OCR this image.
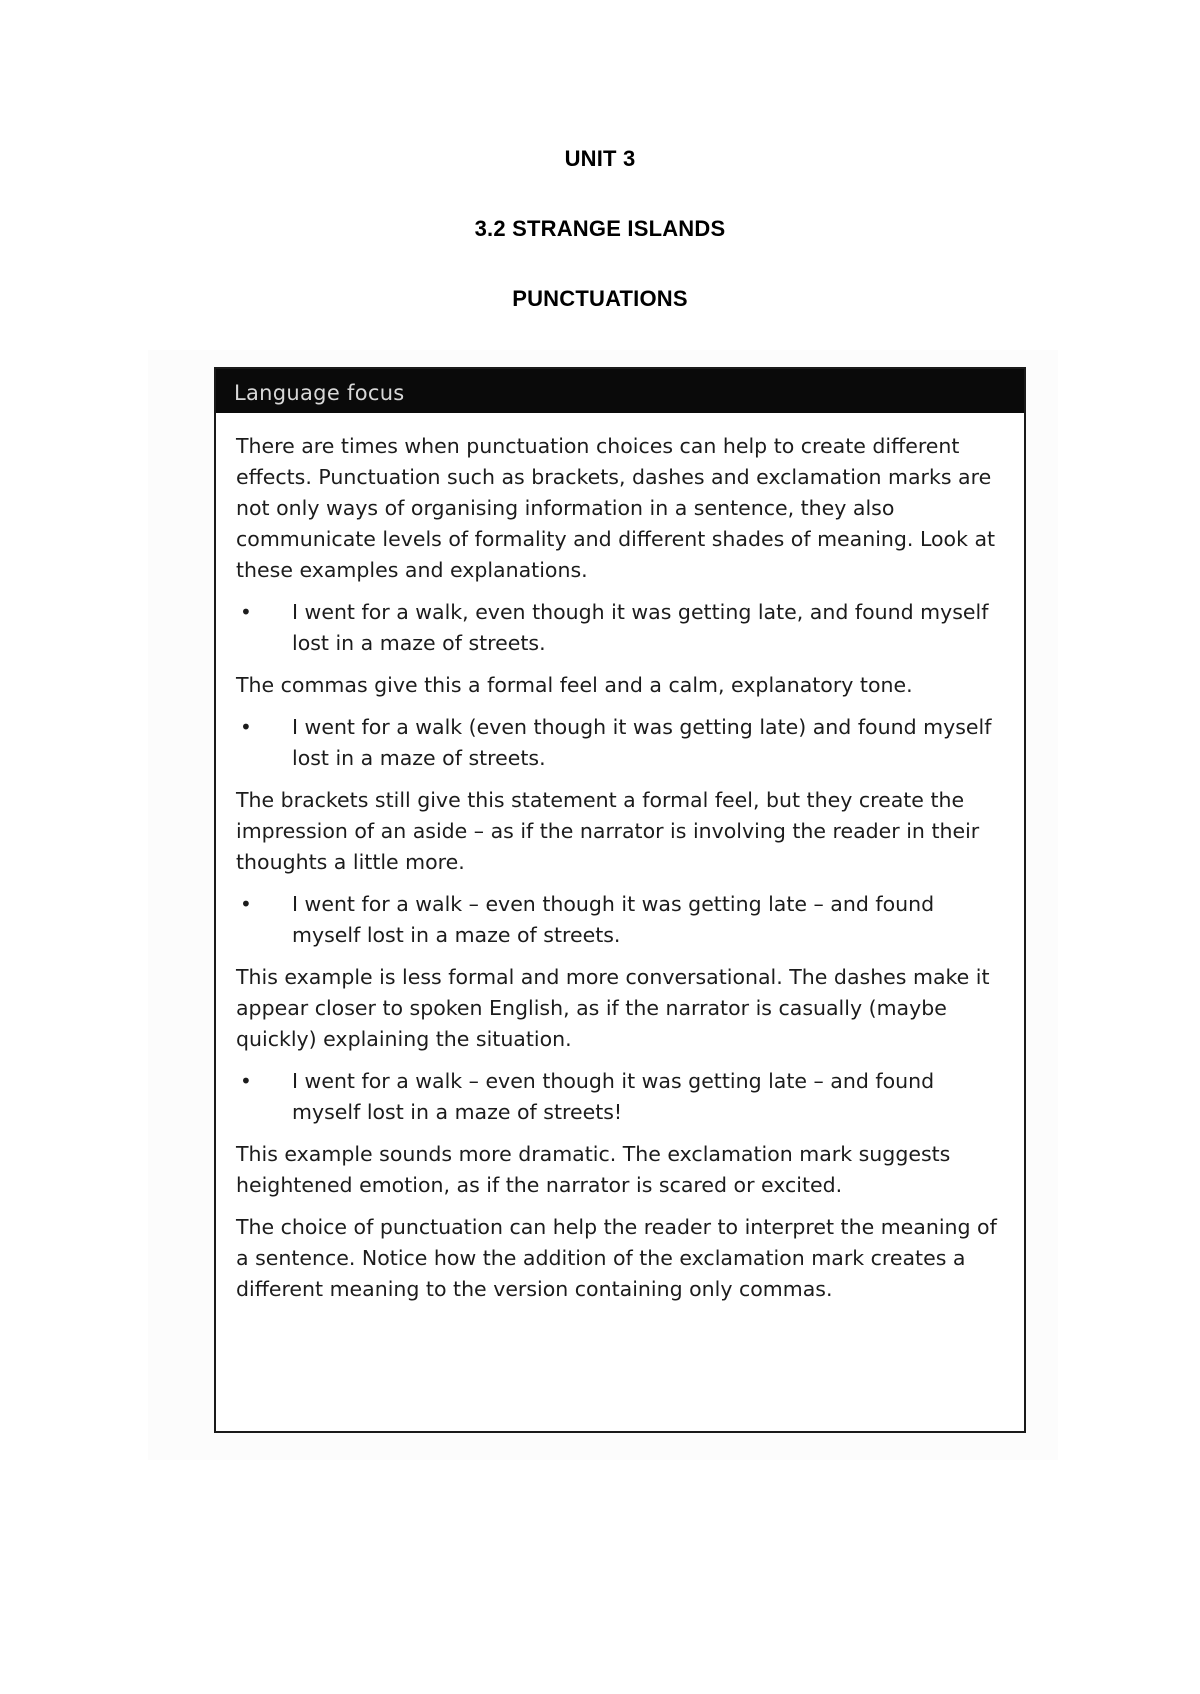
UNIT 3
3.2 STRANGE ISLANDS
PUNCTUATIONS
Language focus

There are times when punctuation choices can help to create different effects. Punctuation such as brackets, dashes and exclamation marks are not only ways of organising information in a sentence, they also communicate levels of formality and different shades of meaning. Look at these examples and explanations.

• I went for a walk, even though it was getting late, and found myself lost in a maze of streets.

The commas give this a formal feel and a calm, explanatory tone.

• I went for a walk (even though it was getting late) and found myself lost in a maze of streets.

The brackets still give this statement a formal feel, but they create the impression of an aside – as if the narrator is involving the reader in their thoughts a little more.

• I went for a walk – even though it was getting late – and found myself lost in a maze of streets.

This example is less formal and more conversational. The dashes make it appear closer to spoken English, as if the narrator is casually (maybe quickly) explaining the situation.

• I went for a walk – even though it was getting late – and found myself lost in a maze of streets!

This example sounds more dramatic. The exclamation mark suggests heightened emotion, as if the narrator is scared or excited.

The choice of punctuation can help the reader to interpret the meaning of a sentence. Notice how the addition of the exclamation mark creates a different meaning to the version containing only commas.
